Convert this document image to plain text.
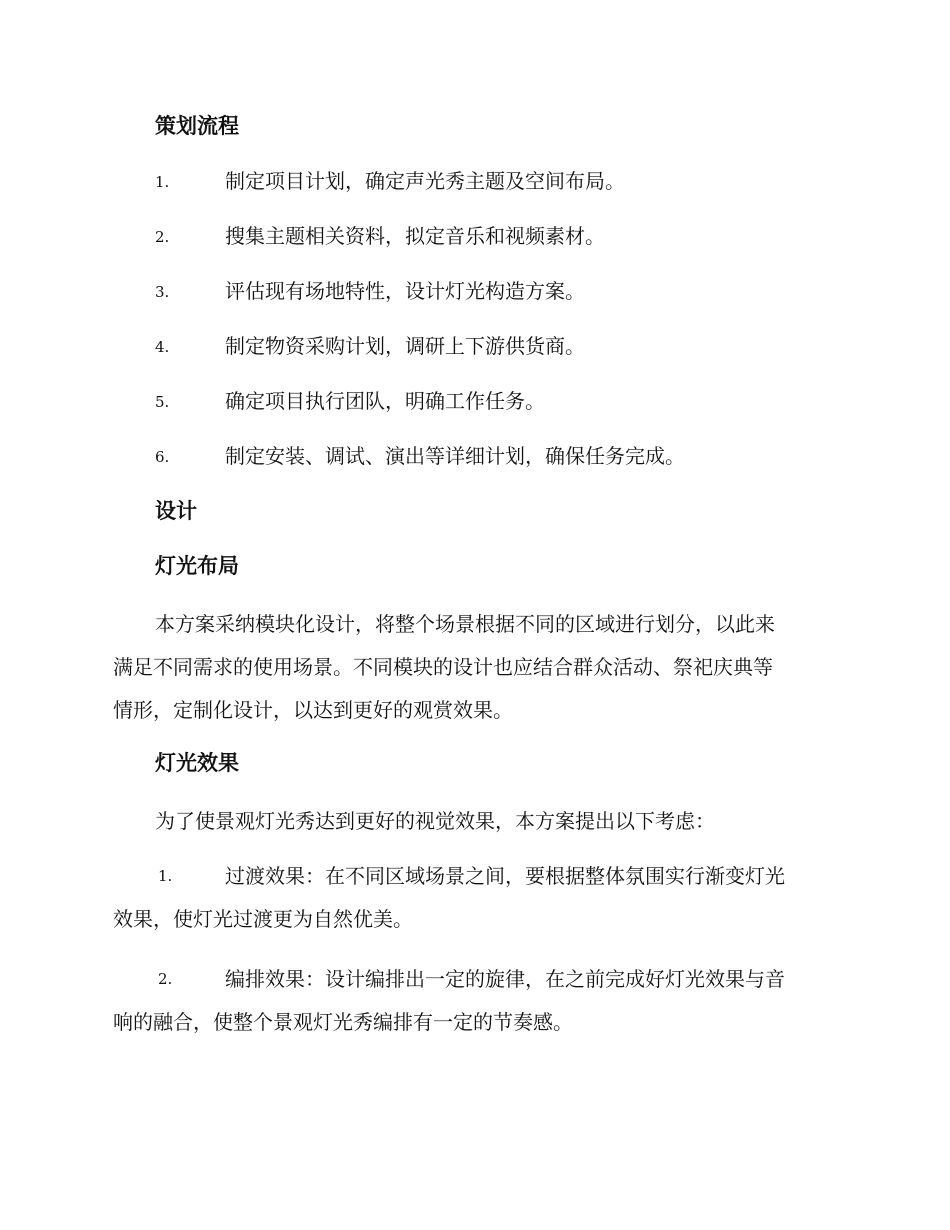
策划流程
1.	制定项目计划，确定声光秀主题及空间布局。
2.	搜集主题相关资料，拟定音乐和视频素材。
3.	评估现有场地特性，设计灯光构造方案。
4.	制定物资采购计划，调研上下游供货商。
5.	确定项目执行团队，明确工作任务。
6.	制定安装、调试、演出等详细计划，确保任务完成。
设计
灯光布局
本方案采纳模块化设计，将整个场景根据不同的区域进行划分，以此来
满足不同需求的使用场景。不同模块的设计也应结合群众活动、祭祀庆典等
情形，定制化设计，以达到更好的观赏效果。
灯光效果
为了使景观灯光秀达到更好的视觉效果，本方案提出以下考虑：
1.	过渡效果：在不同区域场景之间，要根据整体氛围实行渐变灯光
效果，使灯光过渡更为自然优美。
2.	编排效果：设计编排出一定的旋律，在之前完成好灯光效果与音
响的融合，使整个景观灯光秀编排有一定的节奏感。
